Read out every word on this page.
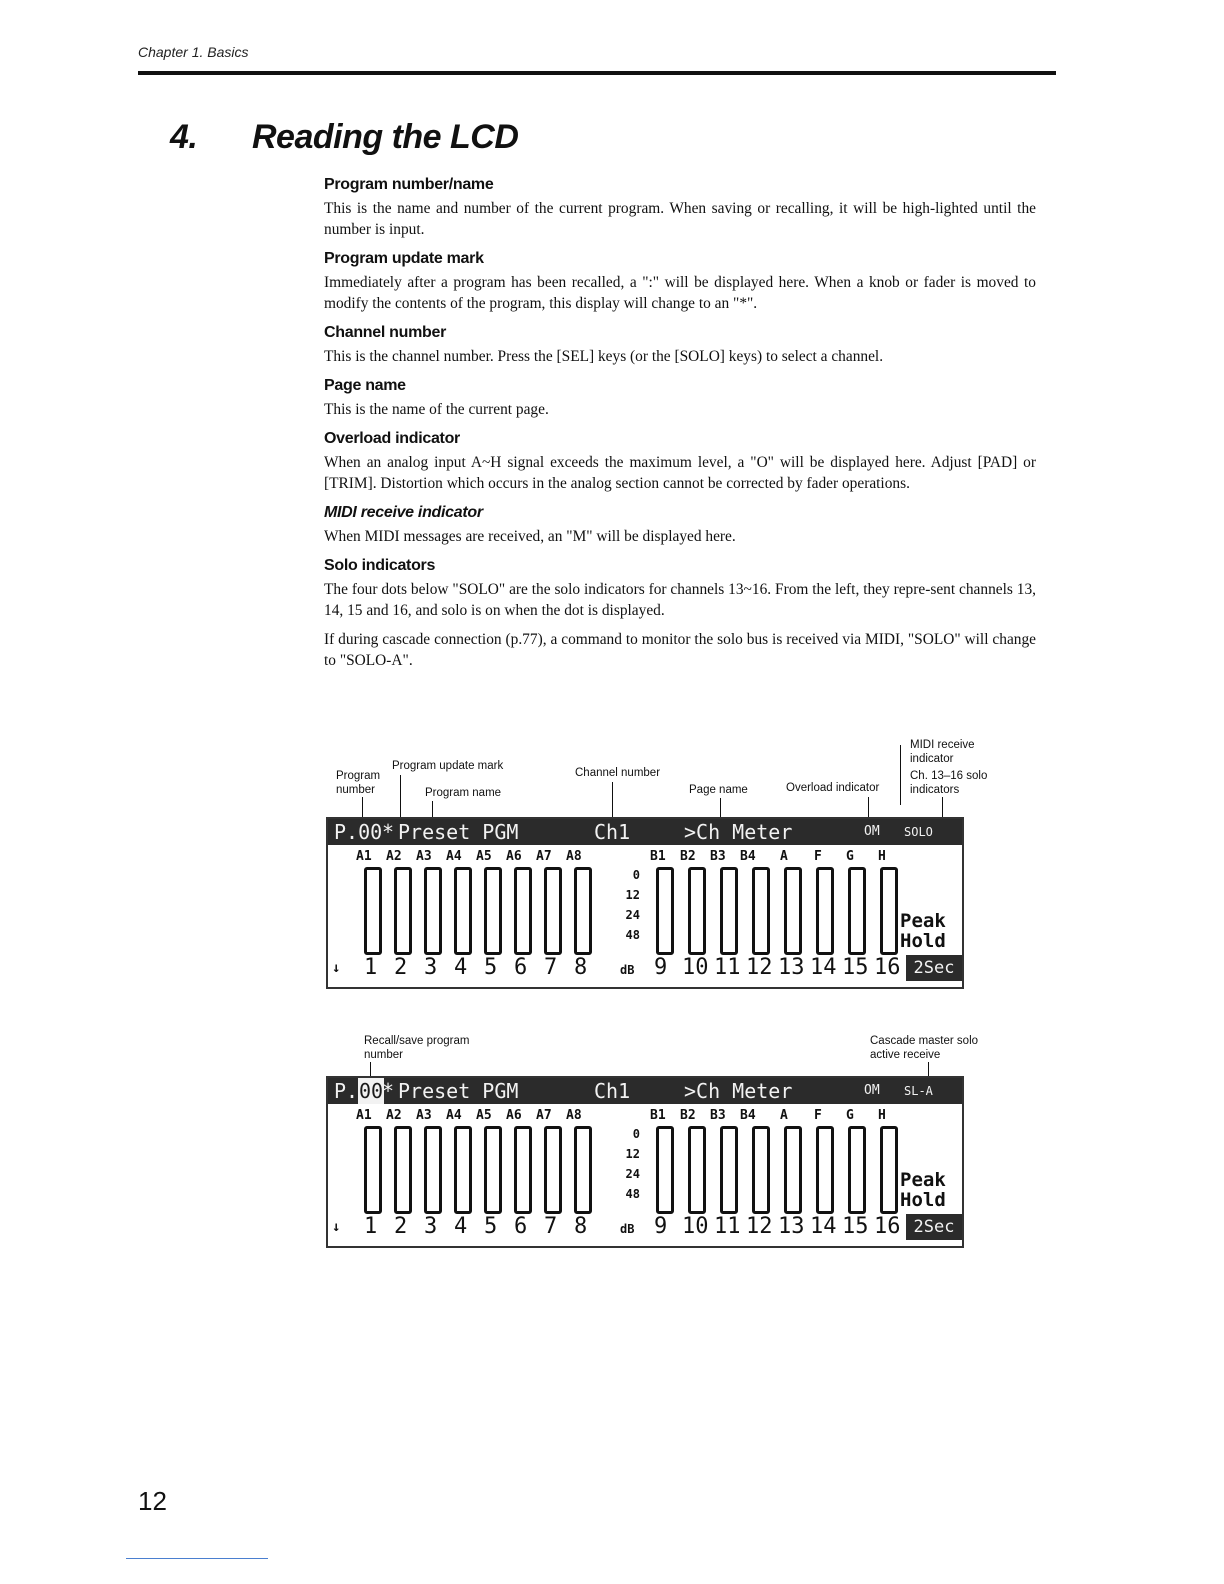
Chapter 1. Basics
4. Reading the LCD
Program number/name

This is the name and number of the current program. When saving or recalling, it will be high-lighted until the number is input.

Program update mark

Immediately after a program has been recalled, a ":" will be displayed here. When a knob or fader is moved to modify the contents of the program, this display will change to an "*".

Channel number

This is the channel number. Press the [SEL] keys (or the [SOLO] keys) to select a channel.

Page name

This is the name of the current page.

Overload indicator

When an analog input A~H signal exceeds the maximum level, a "O" will be displayed here. Adjust [PAD] or [TRIM]. Distortion which occurs in the analog section cannot be corrected by fader operations.

MIDI receive indicator

When MIDI messages are received, an "M" will be displayed here.

Solo indicators

The four dots below "SOLO" are the solo indicators for channels 13~16. From the left, they repre-sent channels 13, 14, 15 and 16, and solo is on when the dot is displayed.

If during cascade connection (p.77), a command to monitor the solo bus is received via MIDI, "SOLO" will change to "SOLO-A".

Program number
Program update mark
Program name
Channel number
Page name	Overload indicator
MIDI receive indicator
Ch. 13–16 solo indicators

P.00

*

Preset PGM

	Ch1

	>Ch Meter

	OM

SOLO

A1 A2 A3 A4 A5 A6 A7 A8	B1 B2 B3 B4 A F G H
0
12
24
48
Peak
Hold
↓ 1 2 3 4 5 6 7 8	dB 9 10 11 12 13 14 15 16 2Sec
Recall/save program number
Cascade master solo active receive

P.

00

*

Preset PGM

	Ch1

	>Ch Meter

	OM

SL-A

A1 A2 A3 A4 A5 A6 A7 A8	B1 B2 B3 B4 A F G H
0
12
24
48
Peak
Hold
↓ 1 2 3 4 5 6 7 8	dB 9 10 11 12 13 14 15 16 2Sec
12
